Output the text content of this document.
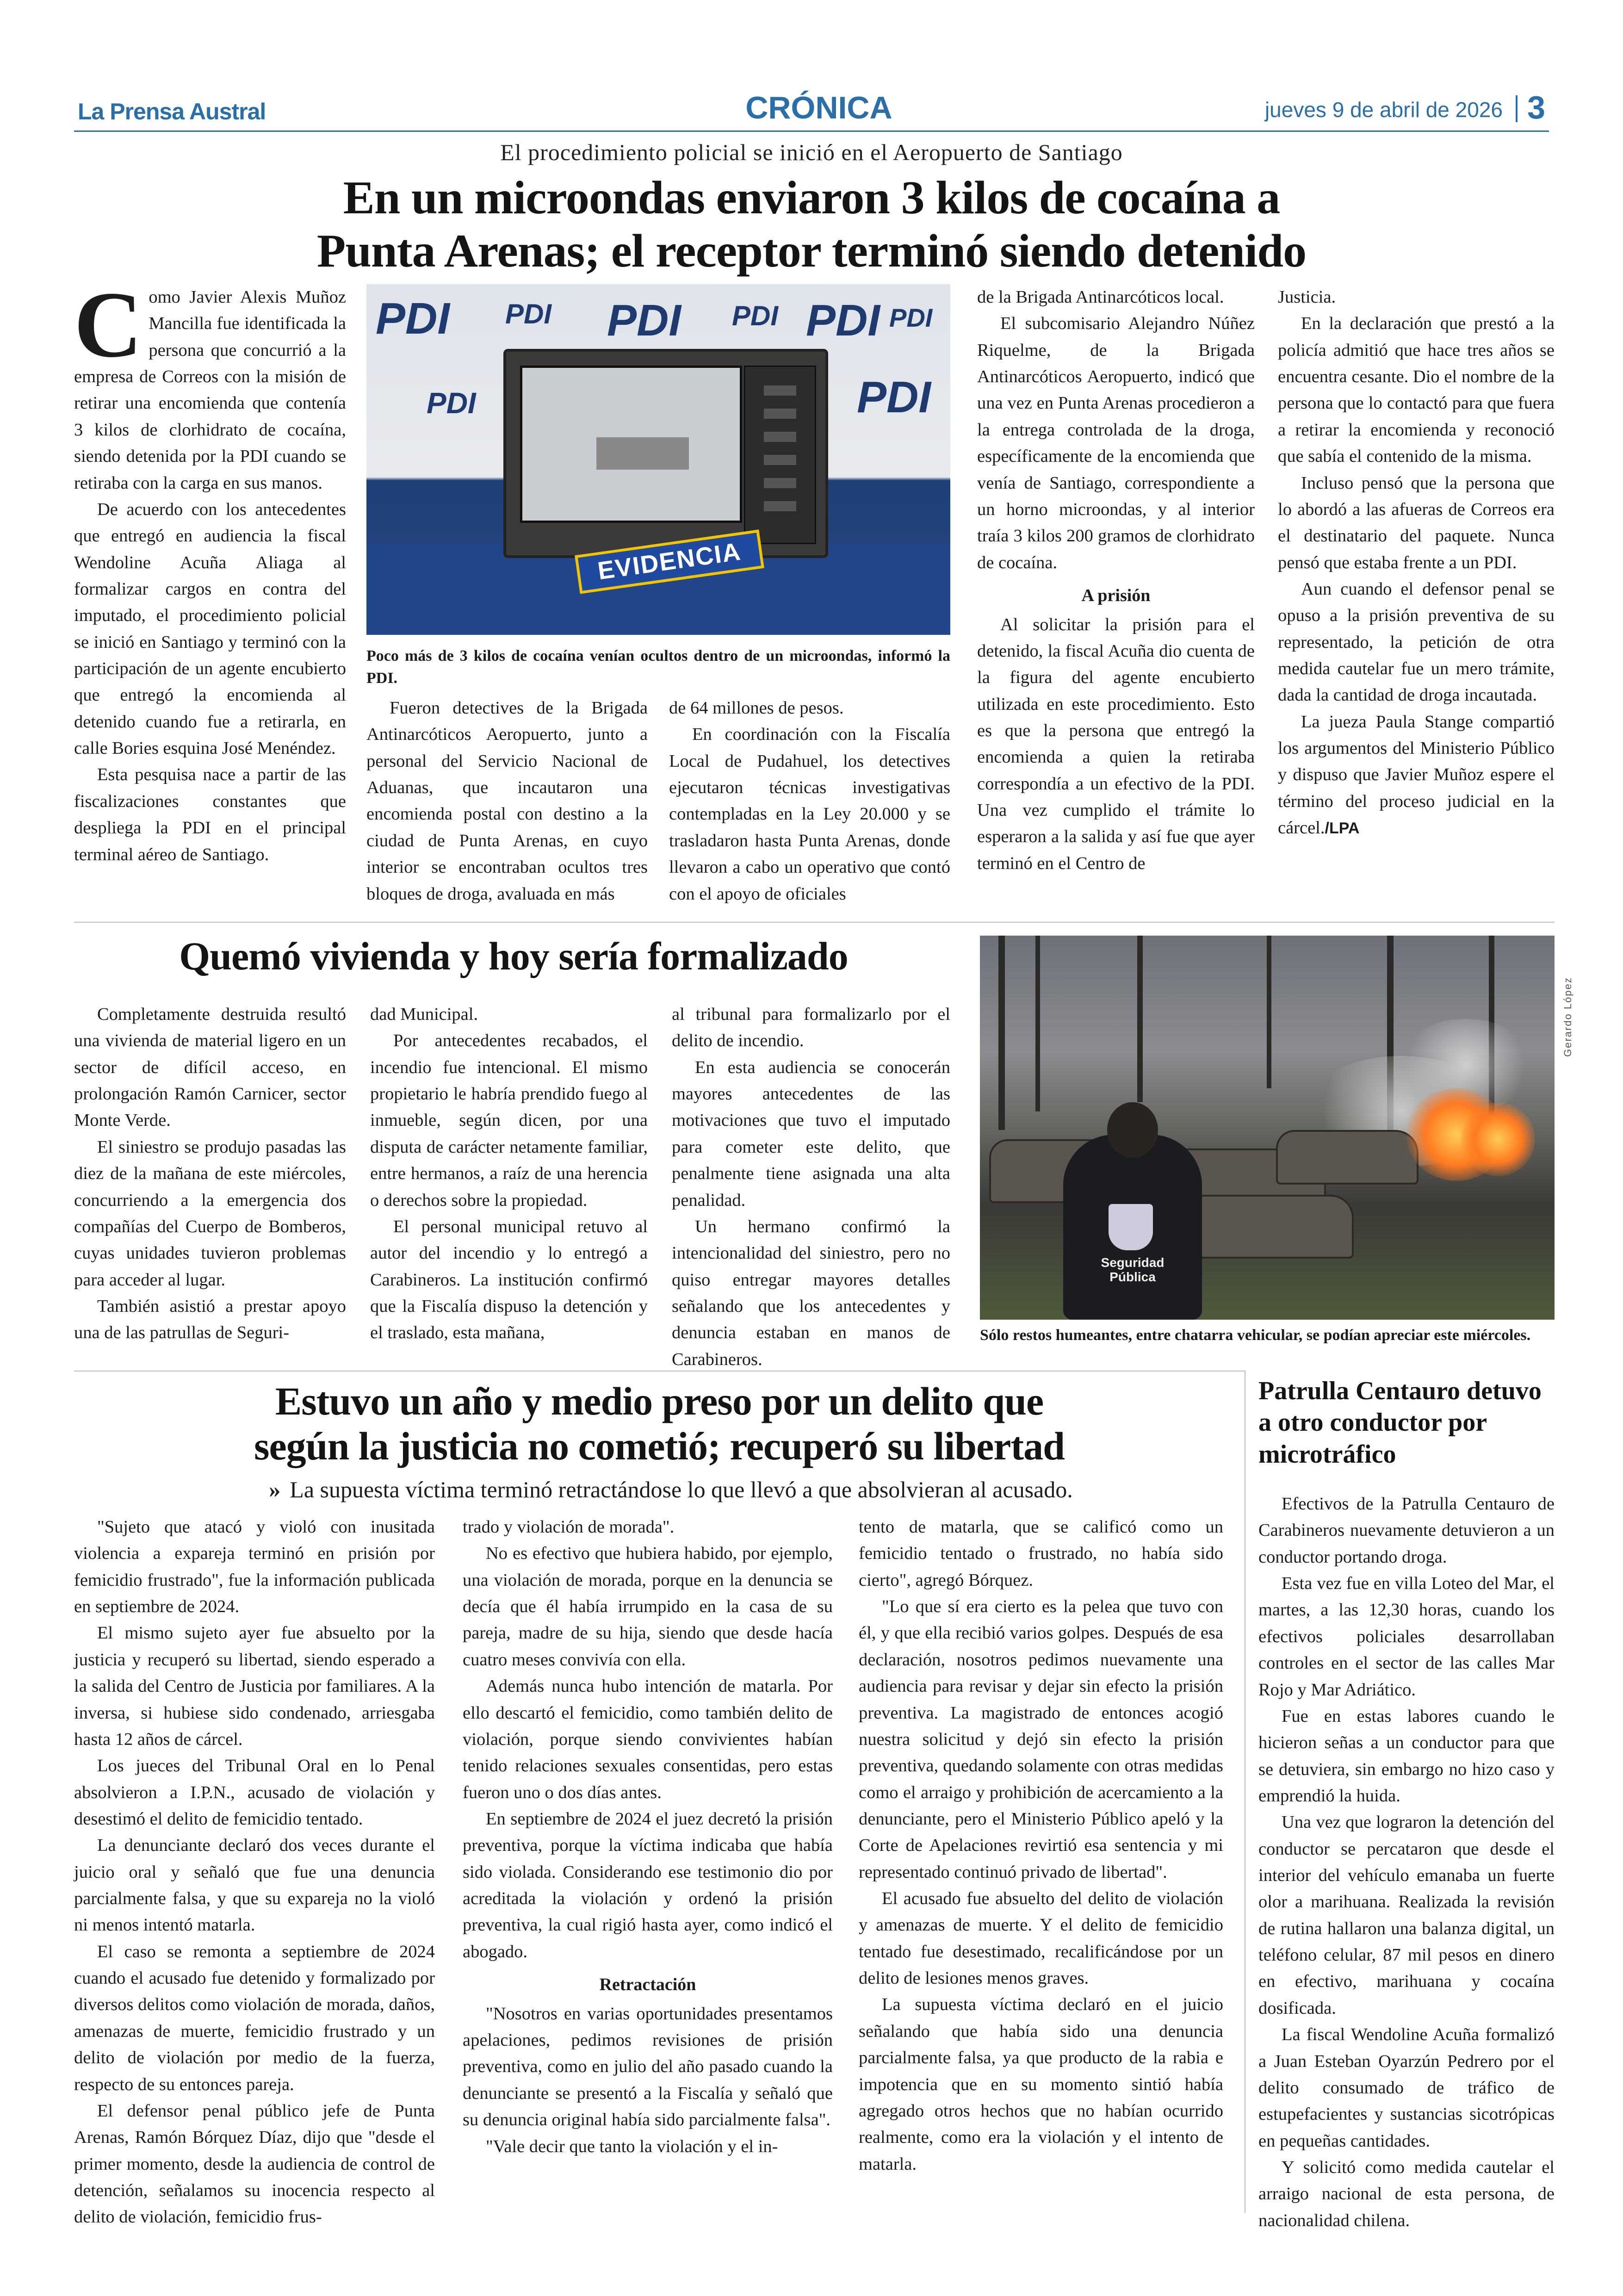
La Prensa Austral	CRÓNICA	jueves 9 de abril de 2026 3
El procedimiento policial se inició en el Aeropuerto de Santiago
En un microondas enviaron 3 kilos de cocaína a
Punta Arenas; el receptor terminó siendo detenido
C omo Javier Alexis Muñoz Mancilla fue identificada la persona que concurrió a la empresa de Correos con la misión de retirar una encomienda que contenía 3 kilos de clorhidrato de cocaína, siendo detenida por la PDI cuando se retiraba con la carga en sus manos.

De acuerdo con los antecedentes que entregó en audiencia la fiscal Wendoline Acuña Aliaga al formalizar cargos en contra del imputado, el procedimiento policial se inició en Santiago y terminó con la participación de un agente encubierto que entregó la encomienda al detenido cuando fue a retirarla, en calle Bories esquina José Menéndez.

Esta pesquisa nace a partir de las fiscalizaciones constantes que despliega la PDI en el principal terminal aéreo de Santiago.

PDI PDI PDI PDI PDI PDI
PDI	PDI
EVIDENCIA
Poco más de 3 kilos de cocaína venían ocultos dentro de un microondas, informó la PDI.

Fueron detectives de la Brigada Antinarcóticos Aeropuerto, junto a personal del Servicio Nacional de Aduanas, que incautaron una encomienda postal con destino a la ciudad de Punta Arenas, en cuyo interior se encontraban ocultos tres bloques de droga, avaluada en más

de 64 millones de pesos.

En coordinación con la Fiscalía Local de Pudahuel, los detectives ejecutaron técnicas investigativas contempladas en la Ley 20.000 y se trasladaron hasta Punta Arenas, donde llevaron a cabo un operativo que contó con el apoyo de oficiales

de la Brigada Antinarcóticos local.

El subcomisario Alejandro Núñez Riquelme, de la Brigada Antinarcóticos Aeropuerto, indicó que una vez en Punta Arenas procedieron a la entrega controlada de la droga, específicamente de la encomienda que venía de Santiago, correspondiente a un horno microondas, y al interior traía 3 kilos 200 gramos de clorhidrato de cocaína.

A prisión

Al solicitar la prisión para el detenido, la fiscal Acuña dio cuenta de la figura del agente encubierto utilizada en este procedimiento. Esto es que la persona que entregó la encomienda a quien la retiraba correspondía a un efectivo de la PDI. Una vez cumplido el trámite lo esperaron a la salida y así fue que ayer terminó en el Centro de

Justicia.

En la declaración que prestó a la policía admitió que hace tres años se encuentra cesante. Dio el nombre de la persona que lo contactó para que fuera a retirar la encomienda y reconoció que sabía el contenido de la misma.

Incluso pensó que la persona que lo abordó a las afueras de Correos era el destinatario del paquete. Nunca pensó que estaba frente a un PDI.

Aun cuando el defensor penal se opuso a la prisión preventiva de su representado, la petición de otra medida cautelar fue un mero trámite, dada la cantidad de droga incautada.

La jueza Paula Stange compartió los argumentos del Ministerio Público y dispuso que Javier Muñoz espere el término del proceso judicial en la cárcel./LPA

Quemó vivienda y hoy sería formalizado

Completamente destruida resultó una vivienda de material ligero en un sector de difícil acceso, en prolongación Ramón Carnicer, sector Monte Verde.

El siniestro se produjo pasadas las diez de la mañana de este miércoles, concurriendo a la emergencia dos compañías del Cuerpo de Bomberos, cuyas unidades tuvieron problemas para acceder al lugar.

También asistió a prestar apoyo una de las patrullas de Seguri-

dad Municipal.

Por antecedentes recabados, el incendio fue intencional. El mismo propietario le habría prendido fuego al inmueble, según dicen, por una disputa de carácter netamente familiar, entre hermanos, a raíz de una herencia o derechos sobre la propiedad.

El personal municipal retuvo al autor del incendio y lo entregó a Carabineros. La institución confirmó que la Fiscalía dispuso la detención y el traslado, esta mañana,

al tribunal para formalizarlo por el delito de incendio.

En esta audiencia se conocerán mayores antecedentes de las motivaciones que tuvo el imputado para cometer este delito, que penalmente tiene asignada una alta penalidad.

Un hermano confirmó la intencionalidad del siniestro, pero no quiso entregar mayores detalles señalando que los antecedentes y denuncia estaban en manos de Carabineros.

Seguridad Pública
Gerardo López
Sólo restos humeantes, entre chatarra vehicular, se podían apreciar este miércoles.
Estuvo un año y medio preso por un delito que
según la justicia no cometió; recuperó su libertad
» La supuesta víctima terminó retractándose lo que llevó a que absolvieran al acusado.

"Sujeto que atacó y violó con inusitada violencia a expareja terminó en prisión por femicidio frustrado", fue la información publicada en septiembre de 2024.

El mismo sujeto ayer fue absuelto por la justicia y recuperó su libertad, siendo esperado a la salida del Centro de Justicia por familiares. A la inversa, si hubiese sido condenado, arriesgaba hasta 12 años de cárcel.

Los jueces del Tribunal Oral en lo Penal absolvieron a I.P.N., acusado de violación y desestimó el delito de femicidio tentado.

La denunciante declaró dos veces durante el juicio oral y señaló que fue una denuncia parcialmente falsa, y que su expareja no la violó ni menos intentó matarla.

El caso se remonta a septiembre de 2024 cuando el acusado fue detenido y formalizado por diversos delitos como violación de morada, daños, amenazas de muerte, femicidio frustrado y un delito de violación por medio de la fuerza, respecto de su entonces pareja.

El defensor penal público jefe de Punta Arenas, Ramón Bórquez Díaz, dijo que "desde el primer momento, desde la audiencia de control de detención, señalamos su inocencia respecto al delito de violación, femicidio frus-

trado y violación de morada".

No es efectivo que hubiera habido, por ejemplo, una violación de morada, porque en la denuncia se decía que él había irrumpido en la casa de su pareja, madre de su hija, siendo que desde hacía cuatro meses convivía con ella.

Además nunca hubo intención de matarla. Por ello descartó el femicidio, como también delito de violación, porque siendo convivientes habían tenido relaciones sexuales consentidas, pero estas fueron uno o dos días antes.

En septiembre de 2024 el juez decretó la prisión preventiva, porque la víctima indicaba que había sido violada. Considerando ese testimonio dio por acreditada la violación y ordenó la prisión preventiva, la cual rigió hasta ayer, como indicó el abogado.

Retractación

"Nosotros en varias oportunidades presentamos apelaciones, pedimos revisiones de prisión preventiva, como en julio del año pasado cuando la denunciante se presentó a la Fiscalía y señaló que su denuncia original había sido parcialmente falsa".

"Vale decir que tanto la violación y el in-

tento de matarla, que se calificó como un femicidio tentado o frustrado, no había sido cierto", agregó Bórquez.

"Lo que sí era cierto es la pelea que tuvo con él, y que ella recibió varios golpes. Después de esa declaración, nosotros pedimos nuevamente una audiencia para revisar y dejar sin efecto la prisión preventiva. La magistrado de entonces acogió nuestra solicitud y dejó sin efecto la prisión preventiva, quedando solamente con otras medidas como el arraigo y prohibición de acercamiento a la denunciante, pero el Ministerio Público apeló y la Corte de Apelaciones revirtió esa sentencia y mi representado continuó privado de libertad".

El acusado fue absuelto del delito de violación y amenazas de muerte. Y el delito de femicidio tentado fue desestimado, recalificándose por un delito de lesiones menos graves.

La supuesta víctima declaró en el juicio señalando que había sido una denuncia parcialmente falsa, ya que producto de la rabia e impotencia que en su momento sintió había agregado otros hechos que no habían ocurrido realmente, como era la violación y el intento de matarla.

Patrulla Centauro detuvo a otro conductor por microtráfico

Efectivos de la Patrulla Centauro de Carabineros nuevamente detuvieron a un conductor portando droga.

Esta vez fue en villa Loteo del Mar, el martes, a las 12,30 horas, cuando los efectivos policiales desarrollaban controles en el sector de las calles Mar Rojo y Mar Adriático.

Fue en estas labores cuando le hicieron señas a un conductor para que se detuviera, sin embargo no hizo caso y emprendió la huida.

Una vez que lograron la detención del conductor se percataron que desde el interior del vehículo emanaba un fuerte olor a marihuana. Realizada la revisión de rutina hallaron una balanza digital, un teléfono celular, 87 mil pesos en dinero en efectivo, marihuana y cocaína dosificada.

La fiscal Wendoline Acuña formalizó a Juan Esteban Oyarzún Pedrero por el delito consumado de tráfico de estupefacientes y sustancias sicotrópicas en pequeñas cantidades.

Y solicitó como medida cautelar el arraigo nacional de esta persona, de nacionalidad chilena.
